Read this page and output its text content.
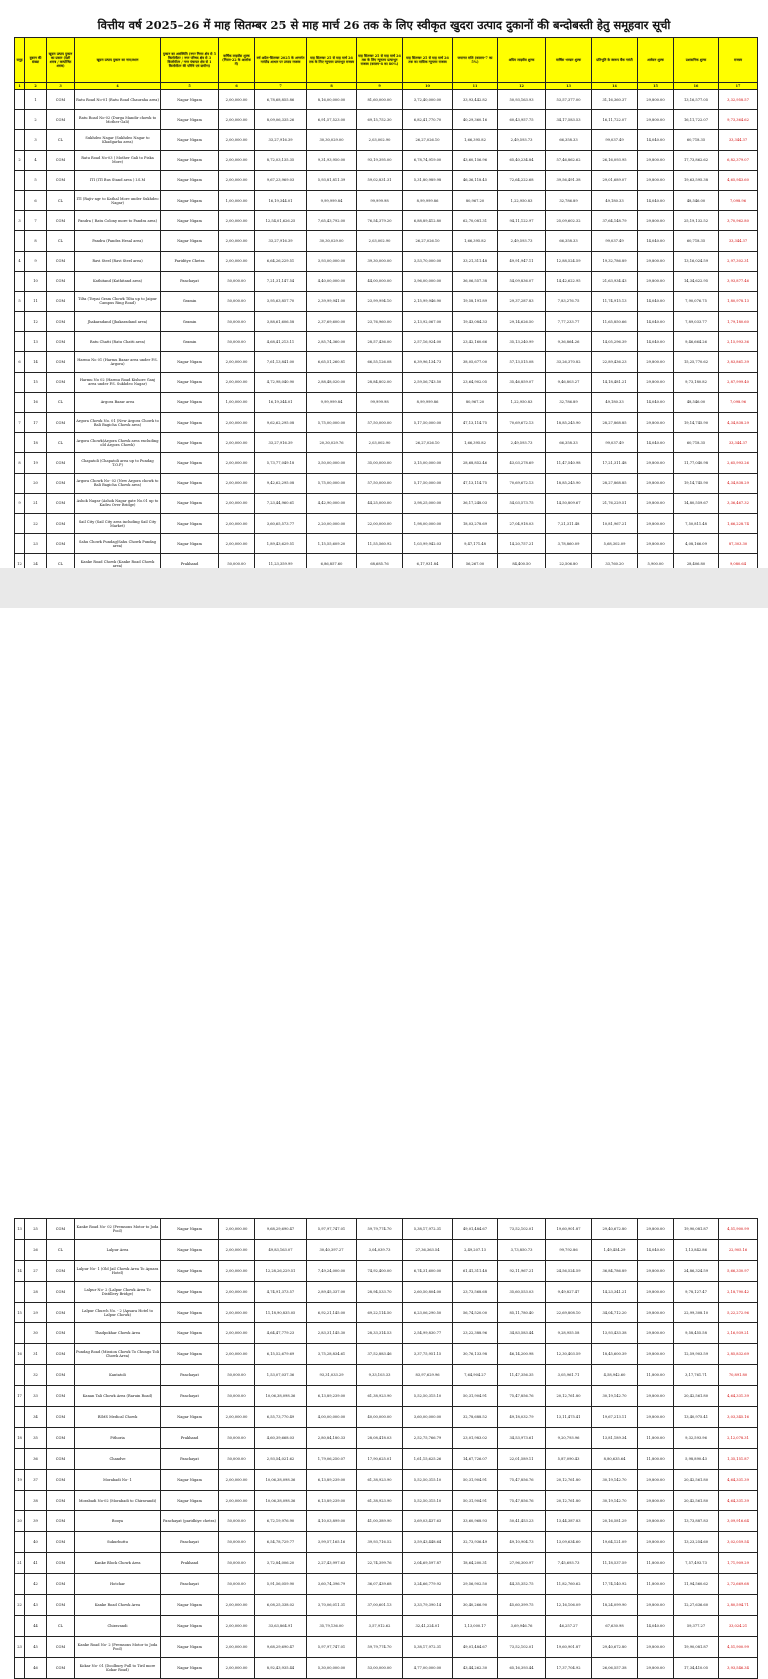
वित्तीय वर्ष 2025–26 में माह सितम्बर 25 से माह मार्च 26 तक के लिए स्वीकृत खुदरा उत्पाद दुकानों की बन्दोबस्ती हेतु समूहवार सूची
समूह	दुकान की संख्या	खुदरा उत्पाद दुकान का प्रकार (देशी शराब / कम्पोजिट शराब)	खुदरा उत्पाद दुकान का नाम/स्थान	दुकान का अवस्थिति (नगर निगम क्षेत्र से 5 किलोमीटर / नगर परिषद क्षेत्र से 3 किलोमीटर / नगर पंचायत क्षेत्र से 1 किलोमीटर की परिधि एवं ग्रामीण)	वार्षिक लाइसेंस शुल्क (नियम-22 के आलोक में)	वर्ष अप्रैल-सितम्बर 2025 के अन्तर्गत गारंटीड आधार पर उत्पाद राजस्व	माह सितम्बर 25 से माह मार्च 26 तक के लिए न्यूनतम प्रत्याभूत राजस्व	माह सितम्बर 25 से माह मार्च 26 तक के लिए न्यूनतम प्रत्याभूत राजस्व (कालम-8 का 80%)	माह सितम्बर 25 से माह मार्च 26 तक का मासिक न्यूनतम राजस्व	जमानत राशि (कालम-7 का 5%)	अग्रिम लाइसेंस शुल्क	वार्षिक भण्डार शुल्क	प्रतिभूति के स्वरूप बैंक गारंटी	आवेदन शुल्क	प्रशासनिक शुल्क	राजस्व
1	2	3	4	5	6	7	8	9	10	11	12	13	14	15	16	17
	1	COM	Ratu Road No-01 (Ratu Road Chauraha area)	Nagar Nigam	2,00,000.00	6,78,68,855.86	8,16,00,000.00	81,60,000.00	3,72,40,000.00	33,93,442.82	50,93,163.93	53,57,377.00	31,16,360.37	29,800.00	13,16,577.05	3,32,958.57
	2	COM	Ratu Road No-02 (Durga Mandir chowk to Mother Gali)	Nagar Nigam	2,00,000.00	8,09,06,335.26	6,91,57,523.00	69,15,752.30	6,82,41,770.70	40,29,360.16	60,43,957.75	34,17,583.53	16,11,722.07	29,800.00	16,11,722.07	9,73,364.62
	3	CL	Sukhdeo Nagar (Sukhdeo Nagar to Khadgarha area)	Nagar Nigam	2,00,000.00	33,27,916.39	30,30,029.00	2,03,002.90	26,27,026.10	1,66,395.82	2,49,593.73	66,358.33	99,037.49	14,040.00	60,718.35	33,344.37
2	4	COM	Ratu Road No-03 ( Mother Gali to Piska More)	Nagar Nigam	2,00,000.00	8,72,03,135.35	9,31,93,950.00	93,19,395.00	6,78,74,919.00	43,60,156.96	65,40,234.84	57,46,862.62	26,16,093.95	29,800.00	17,73,862.62	6,82,379.07
	5	COM	ITI (ITI Bus Stand area ) I.S.M	Nagar Nigam	2,00,000.00	9,67,23,969.03	5,93,81,811.39	59,02,831.31	5,31,80,989.98	46,36,118.45	72,64,222.68	39,56,491.38	29,01,689.07	29,800.00	19,63,595.38	4,65,943.60
	6	CL	ITI (Rajiv ngr to Kathal More under Sukhdeo Nagar)	Nagar Nigam	1,00,000.00	16,19,344.01	9,99,999.84	99,999.98	8,99,999.86	80,967.20	1,22,950.83	32,786.89	49,180.33	14,040.00	48,546.00	7,098.96
3	7	COM	Pandra ( Ratu Colony more to Pandra area)	Nagar Nigam	2,00,000.00	12,54,01,626.25	7,65,43,792.00	76,54,379.20	6,88,89,412.80	62,70,081.31	94,11,122.97	25,09,602.32	37,64,148.79	29,800.00	25,19,132.52	3,70,962.80
	8	CL	Pandra (Pandra Hesal area)	Nagar Nigam	2,00,000.00	33,27,916.39	30,30,029.00	2,03,002.90	26,27,026.10	1,66,395.82	2,49,593.73	66,358.33	99,037.49	14,040.00	60,718.35	33,344.37
4	9	COM	Ravi Steel (Ravi Steel area)	Pariditye Chetra	2,00,000.00	6,64,26,229.51	3,93,00,000.00	39,30,000.00	3,53,70,000.00	33,21,311.48	49,91,947.11	12,88,524.59	19,32,786.89	29,800.00	13,16,024.59	2,97,302.31
	10	COM	Kathitand (Kathitand area)	Panchayat	50,000.00	7,21,31,147.54	4,40,00,000.00	44,00,000.00	3,96,00,000.00	36,06,557.38	54,09,836.07	14,42,622.95	21,63,934.43	29,800.00	14,34,622.95	3,93,877.46
5	11	COM	Tilta (Tirpai Gram Chowk Tilta up to Jaipur Campus Ring Road)	Gramin	50,000.00	3,95,63,857.70	2,39,99,941.00	23,99,994.10	2,15,99,946.90	19,58,191.89	29,37,287.83	7,83,276.75	11,74,915.13	14,040.00	7,90,076.75	1,80,978.13
	12	COM	Jhakaradand (Jhakaradand area)	Gramin	50,000.00	3,88,61,606.58	2,37,69,600.00	23,76,960.00	2,13,92,067.00	19,43,084.33	29,14,626.50	7,77,233.77	11,65,850.66	14,040.00	7,89,033.77	1,79,180.60
	13	COM	Ratu Chatti (Ratu Chatti area)	Gramin	50,000.00	4,68,41,213.11	2,85,74,360.00	28,57,436.00	2,57,16,924.00	23,42,160.66	35,13,240.99	9,36,864.26	14,05,296.39	14,040.00	9,46,664.26	2,15,993.36
6	14	COM	Harmu No 01 (Harmu Bazar area under P.S. Argora)	Nagar Nigam	2,00,000.00	7,61,13,841.00	6,65,51,260.81	66,55,126.08	6,39,96,134.73	38,05,677.00	57,13,515.08	33,26,370.82	22,89,436.23	29,800.00	15,25,770.62	3,83,861.39
	15	COM	Harmu No 02 (Harmu Road Kishore Ganj area under P.S. Sukhdeo Nagar)	Nagar Nigam	2,00,000.00	4,72,98,040.90	2,88,48,020.00	28,84,802.00	2,59,56,743.50	23,64,902.05	35,46,859.07	9,46,803.27	14,18,481.21	29,800.00	9,73,180.82	2,87,999.40
	16	CL	Argora Bazar area	Nagar Nigam	1,00,000.00	16,19,344.01	9,99,999.84	99,999.98	8,99,999.86	80,967.20	1,22,950.83	32,786.89	49,180.33	14,040.00	48,546.00	7,098.96
7	17	COM	Argora Chowk No. 01 (New Argora Chowk to Bali Bagicha Chowk area)	Nagar Nigam	2,00,000.00	9,62,62,295.08	5,75,00,000.00	57,50,000.00	5,17,50,000.00	47,13,114.75	70,69,672.13	18,85,245.90	28,27,868.85	29,800.00	19,14,745.90	4,34,838.29
	18	CL	Argora Chowk(Argora Chowk area excluding old Argora Chowk)	Nagar Nigam	2,00,000.00	33,27,916.39	20,30,029.76	2,03,002.90	26,27,026.10	1,66,395.82	2,49,593.73	66,358.33	99,037.49	14,040.00	60,718.35	33,344.37
8	19	COM	Chapatoli (Chapatoli area up to Pundag T.O.P)	Nagar Nigam	2,00,000.00	5,73,77,049.18	3,50,00,000.00	35,00,000.00	3,15,00,000.00	28,68,852.46	43,03,278.69	11,47,540.98	17,21,311.48	29,800.00	11,77,040.98	2,65,993.26
	20	COM	Argora Chowk No- 02 (New Argora chowk to Bali Bagicha Chowk area)	Nagar Nigam	2,00,000.00	9,42,62,295.08	5,75,00,000.00	57,50,000.00	5,17,50,000.00	47,13,114.75	70,69,672.13	18,85,245.90	28,27,868.85	29,800.00	19,14,745.90	4,34,838.29
9	21	COM	Ashok Nagar (Ashok Nagar gate No.01 up to Kadru Over Bridge)	Nagar Nigam	2,00,000.00	7,23,44,960.61	4,42,90,000.00	44,25,000.00	3,98,25,000.00	36,17,248.03	54,03,573.75	14,50,809.67	21,76,229.51	29,800.00	14,80,559.67	3,36,467.32
	22	COM	Sail City (Sail City area including Sail City Market)	Nagar Nigam	2,00,000.00	3,60,65,573.77	2,20,00,000.00	22,00,000.00	1,98,00,000.00	18,03,278.69	27,04,918.03	7,21,311.48	10,81,967.21	29,800.00	7,50,811.48	1,66,228.74
	23	COM	Sahu Chowk Pundag(Sahu Chowk Pundag area)	Nagar Nigam	2,00,000.00	1,89,43,629.51	1,15,55,609.20	11,55,560.92	1,03,99,942.03	9,47,171.48	14,20,757.21	3,78,860.09	5,68,302.09	29,800.00	4,08,166.09	87,303.30
12	24	CL	Kanke Road Chowk (Kanke Road Chowk area)	Prakhand	50,000.00	11,23,359.99	6,86,857.60	68,685.76	6,17,931.84	56,267.00	84,400.50	22,506.80	33,760.20	5,900.00	28,406.80	9,080.64
13	25	COM	Kanke Road No- 02 (Premsons Motor to Joda Pool)	Nagar Nigam	2,00,000.00	9,68,29,690.47	5,97,97,747.01	59,79,774.70	5,38,17,972.31	49,01,484.67	73,52,102.01	19,60,901.87	29,40,672.80	29,800.00	19,90,081.87	4,51,900.99
	26	CL	Lalpur Area	Nagar Nigam	2,00,000.00	49,83,163.07	30,40,397.27	3,04,039.73	27,36,363.54	2,49,207.13	3,73,850.73	99,792.86	1,49,454.29	14,040.00	1,13,842.86	22,905.16
14	27	COM	Lalpur No- 1 (Old Jail Chowk Area To Apsara Hotel)	Nagar Nigam	2,00,000.00	12,28,26,229.51	7,49,24,000.00	74,92,400.00	6,74,31,600.00	61,41,311.48	92,11,967.21	24,56,524.59	36,84,786.89	29,800.00	24,86,324.59	5,66,330.97
	28	COM	Lalpur No- 2 (Lalpur Chowk Area To Distillery Bridge)	Nagar Nigam	2,00,000.00	4,74,91,373.57	2,89,45,337.00	28,94,533.70	2,60,50,804.00	23,73,568.68	35,60,553.03	9,49,827.47	14,23,341.21	29,800.00	9,78,127.47	2,18,790.42
15	29	COM	Lalpur Church No. - 2 (Apsara Hotel to Lalpur Chowk)	Nagar Nigam	2,00,000.00	11,18,90,835.05	6,92,21,145.00	69,22,114.50	6,23,06,290.50	56,74,520.00	85,11,780.40	22,69,808.10	34,04,712.20	29,800.00	22,99,308.10	5,22,272.96
	30	COM	Thadpokhar Chowk Area	Nagar Nigam	2,00,000.00	4,64,47,779.23	2,83,31,145.30	28,33,314.53	2,54,99,830.77	23,22,388.96	34,83,583.44	9,28,955.58	13,93,433.38	29,800.00	9,58,455.58	2,16,939.21
16	31	COM	Pundag Road (Mission Chowk To Chungo Toli Chowk Area)	Nagar Nigam	2,00,000.00	6,15,52,679.69	3,75,28,834.61	37,52,883.46	3,37,75,951.15	30,76,133.98	46,14,200.98	12,30,403.59	18,45,600.39	29,800.00	12,59,903.59	2,85,832.69
	32	COM	Kantatoli	Panchayat	50,000.00	1,53,07,037.36	93,31,033.29	9,33,103.33	83,97,629.96	7,64,904.27	11,47,356.35	3,05,961.71	4,58,942.60	11,800.00	3,17,761.71	70,891.80
17	33	COM	Kanan Tali Chowk Area (Raruin Road)	Panchayat	50,000.00	10,06,38,098.36	6,13,89,239.00	61,38,923.90	5,52,50,315.10	50,31,904.91	75,47,856.76	20,12,761.80	30,19,142.70	29,800.00	20,42,561.80	4,64,331.39
	34	COM	RIMS Medical Chowk	Nagar Nigam	2,00,000.00	6,55,73,770.49	4,00,00,000.00	40,00,000.00	3,60,00,000.00	32,78,688.52	49,18,032.79	13,11,475.41	19,67,213.11	29,800.00	13,40,975.41	3,03,345.16
18	35	COM	Pithoria	Prakhand	50,000.00	4,60,39,668.03	2,80,84,180.33	28,08,418.03	2,52,75,766.79	23,01,983.02	34,53,973.61	9,20,793.96	13,81,189.34	11,800.00	9,32,593.96	2,12,078.31
	36	COM	Chandve	Panchayat	50,000.00	2,93,54,021.62	1,79,06,250.07	17,90,625.01	1,61,15,625.26	14,67,726.07	22,01,589.11	5,87,090.43	8,80,635.64	11,800.00	5,98,890.43	1,35,151.87
19	37	COM	Morabadi No- 1	Nagar Nigam	2,00,000.00	10,06,38,098.36	6,13,89,239.00	61,38,923.90	5,52,50,315.10	50,31,904.91	75,47,856.76	20,12,761.80	30,19,142.70	29,800.00	20,42,561.80	4,64,331.39
	38	COM	Morabadi No-02 (Morabadi to Chiravandi)	Nagar Nigam	2,00,000.00	10,06,38,098.36	6,13,89,239.00	61,38,923.90	5,52,50,315.10	50,31,904.91	75,47,856.76	20,12,761.80	30,19,142.70	29,800.00	20,42,561.80	4,64,331.39
20	39	COM	Booya	Panchayat (paridhiye chetra)	50,000.00	6,72,19,976.90	4,10,03,899.00	41,00,389.90	3,69,03,437.63	33,60,968.93	50,41,453.23	13,44,387.83	20,16,581.29	29,800.00	13,73,887.83	3,09,916.64
	40	COM	Sukurhuttu	Panchayat	50,000.00	6,54,78,729.77	3,99,57,165.16	39,93,716.52	3,59,43,448.64	32,73,936.49	49,10,904.73	13,09,634.60	19,64,121.09	29,800.00	13,23,254.60	3,02,059.54
21	41	COM	Kanke Block Chowk Area	Prakhand	50,000.00	3,72,84,006.20	2,27,43,997.63	22,74,399.76	2,04,69,597.87	18,64,200.31	27,96,300.97	7,45,693.73	11,18,537.59	11,800.00	7,57,493.73	1,71,909.29
	42	COM	Hotchar	Panchayat	50,000.00	5,91,56,059.90	3,60,74,396.79	36,07,439.68	3,24,66,779.92	29,56,902.50	44,35,352.75	11,82,760.62	17,74,140.92	11,800.00	11,94,560.62	2,72,669.68
22	43	COM	Kanke Road Chowk Area	Nagar Nigam	2,00,000.00	6,08,25,338.02	3,70,06,011.31	37,00,601.13	3,33,79,390.14	30,40,266.90	45,60,399.75	12,16,106.09	18,24,099.90	29,800.00	12,27,636.60	2,80,594.71
	44	CL	Chiravandi	Nagar Nigam	2,00,000.00	33,63,864.91	35,79,136.00	3,57,912.62	32,41,224.01	1,13,000.17	3,69,946.76	46,257.27	67,630.98	14,040.00	59,377.27	33,024.21
23	45	COM	Kanke Road No- 2 (Premsons Motor to Joda Pool)	Nagar Nigam	2,00,000.00	9,68,29,690.47	5,97,97,747.01	59,79,774.70	5,38,17,972.31	49,01,484.67	73,52,102.01	19,60,901.87	29,40,672.80	29,800.00	19,90,081.87	4,51,900.99
	46	COM	Kokar No- 01 (Doolbury Pull to Tiril more Kokar Road)	Nagar Nigam	2,00,000.00	8,92,43,935.44	5,30,00,000.00	53,00,000.00	4,77,00,000.00	43,44,262.30	65,16,393.44	17,37,704.92	26,06,557.38	29,800.00	17,34,410.05	3,93,546.34
